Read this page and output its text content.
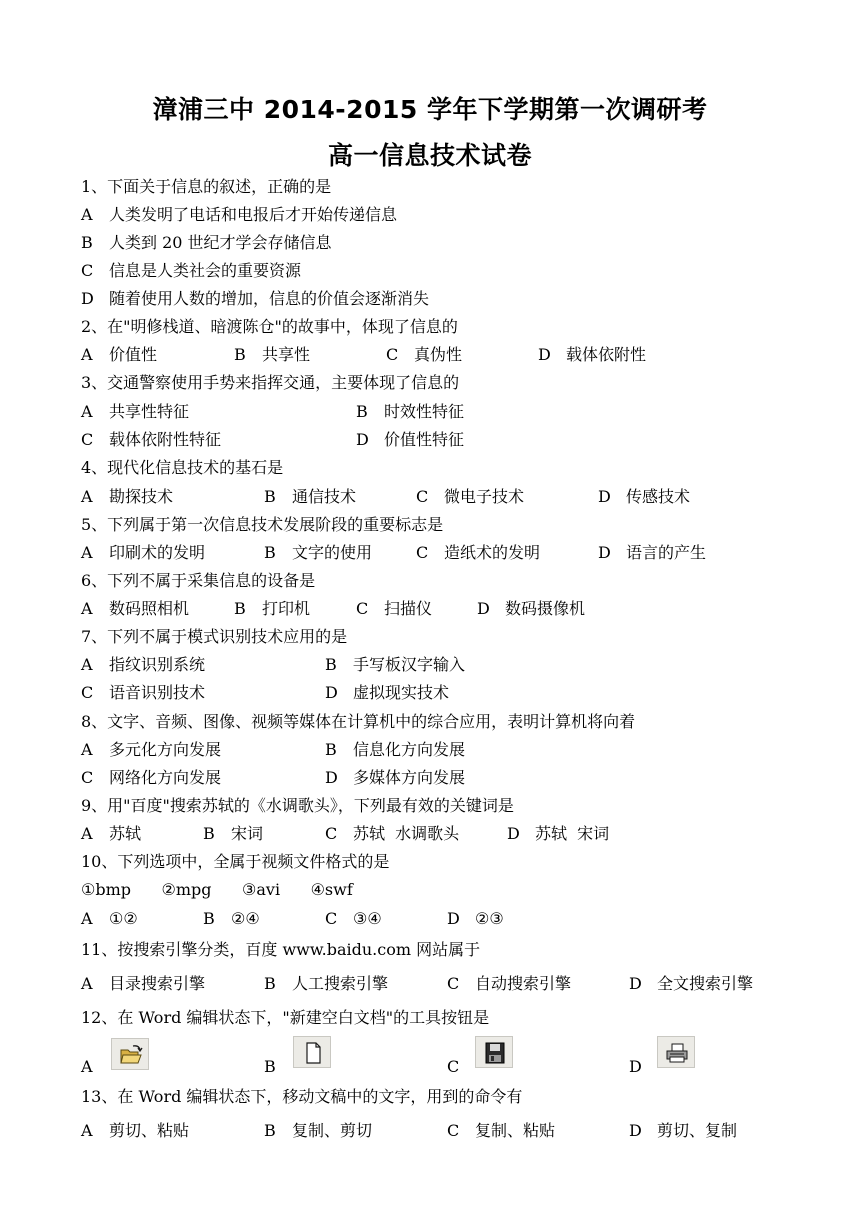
漳浦三中 2014-2015 学年下学期第一次调研考
高一信息技术试卷
1、下面关于信息的叙述，正确的是
A 人类发明了电话和电报后才开始传递信息
B 人类到 20 世纪才学会存储信息
C 信息是人类社会的重要资源
D 随着使用人数的增加，信息的价值会逐渐消失
2、在"明修栈道、暗渡陈仓"的故事中，体现了信息的
A 价值性	B 共享性	C 真伪性	D 载体依附性
3、交通警察使用手势来指挥交通，主要体现了信息的
A 共享性特征	B 时效性特征
C 载体依附性特征	D 价值性特征
4、现代化信息技术的基石是
A 勘探技术	B 通信技术	C 微电子技术	D 传感技术
5、下列属于第一次信息技术发展阶段的重要标志是
A 印刷术的发明	B 文字的使用	C 造纸术的发明	D 语言的产生
6、下列不属于采集信息的设备是
A 数码照相机	B 打印机	C 扫描仪	D 数码摄像机
7、下列不属于模式识别技术应用的是
A 指纹识别系统	B 手写板汉字输入
C 语音识别技术	D 虚拟现实技术
8、文字、音频、图像、视频等媒体在计算机中的综合应用，表明计算机将向着
A 多元化方向发展	B 信息化方向发展
C 网络化方向发展	D 多媒体方向发展
9、用"百度"搜索苏轼的《水调歌头》，下列最有效的关键词是
A 苏轼	B 宋词	C 苏轼  水调歌头	D 苏轼  宋词
10、下列选项中，全属于视频文件格式的是
①bmp      ②mpg      ③avi      ④swf
A ①②	B ②④	C ③④	D ②③
11、按搜索引擎分类，百度 www.baidu.com 网站属于
A 目录搜索引擎	B 人工搜索引擎	C 自动搜索引擎	D 全文搜索引擎
12、在 Word 编辑状态下，"新建空白文档"的工具按钮是
A	B	C	D
13、在 Word 编辑状态下，移动文稿中的文字，用到的命令有
A 剪切、粘贴	B 复制、剪切	C 复制、粘贴	D 剪切、复制
